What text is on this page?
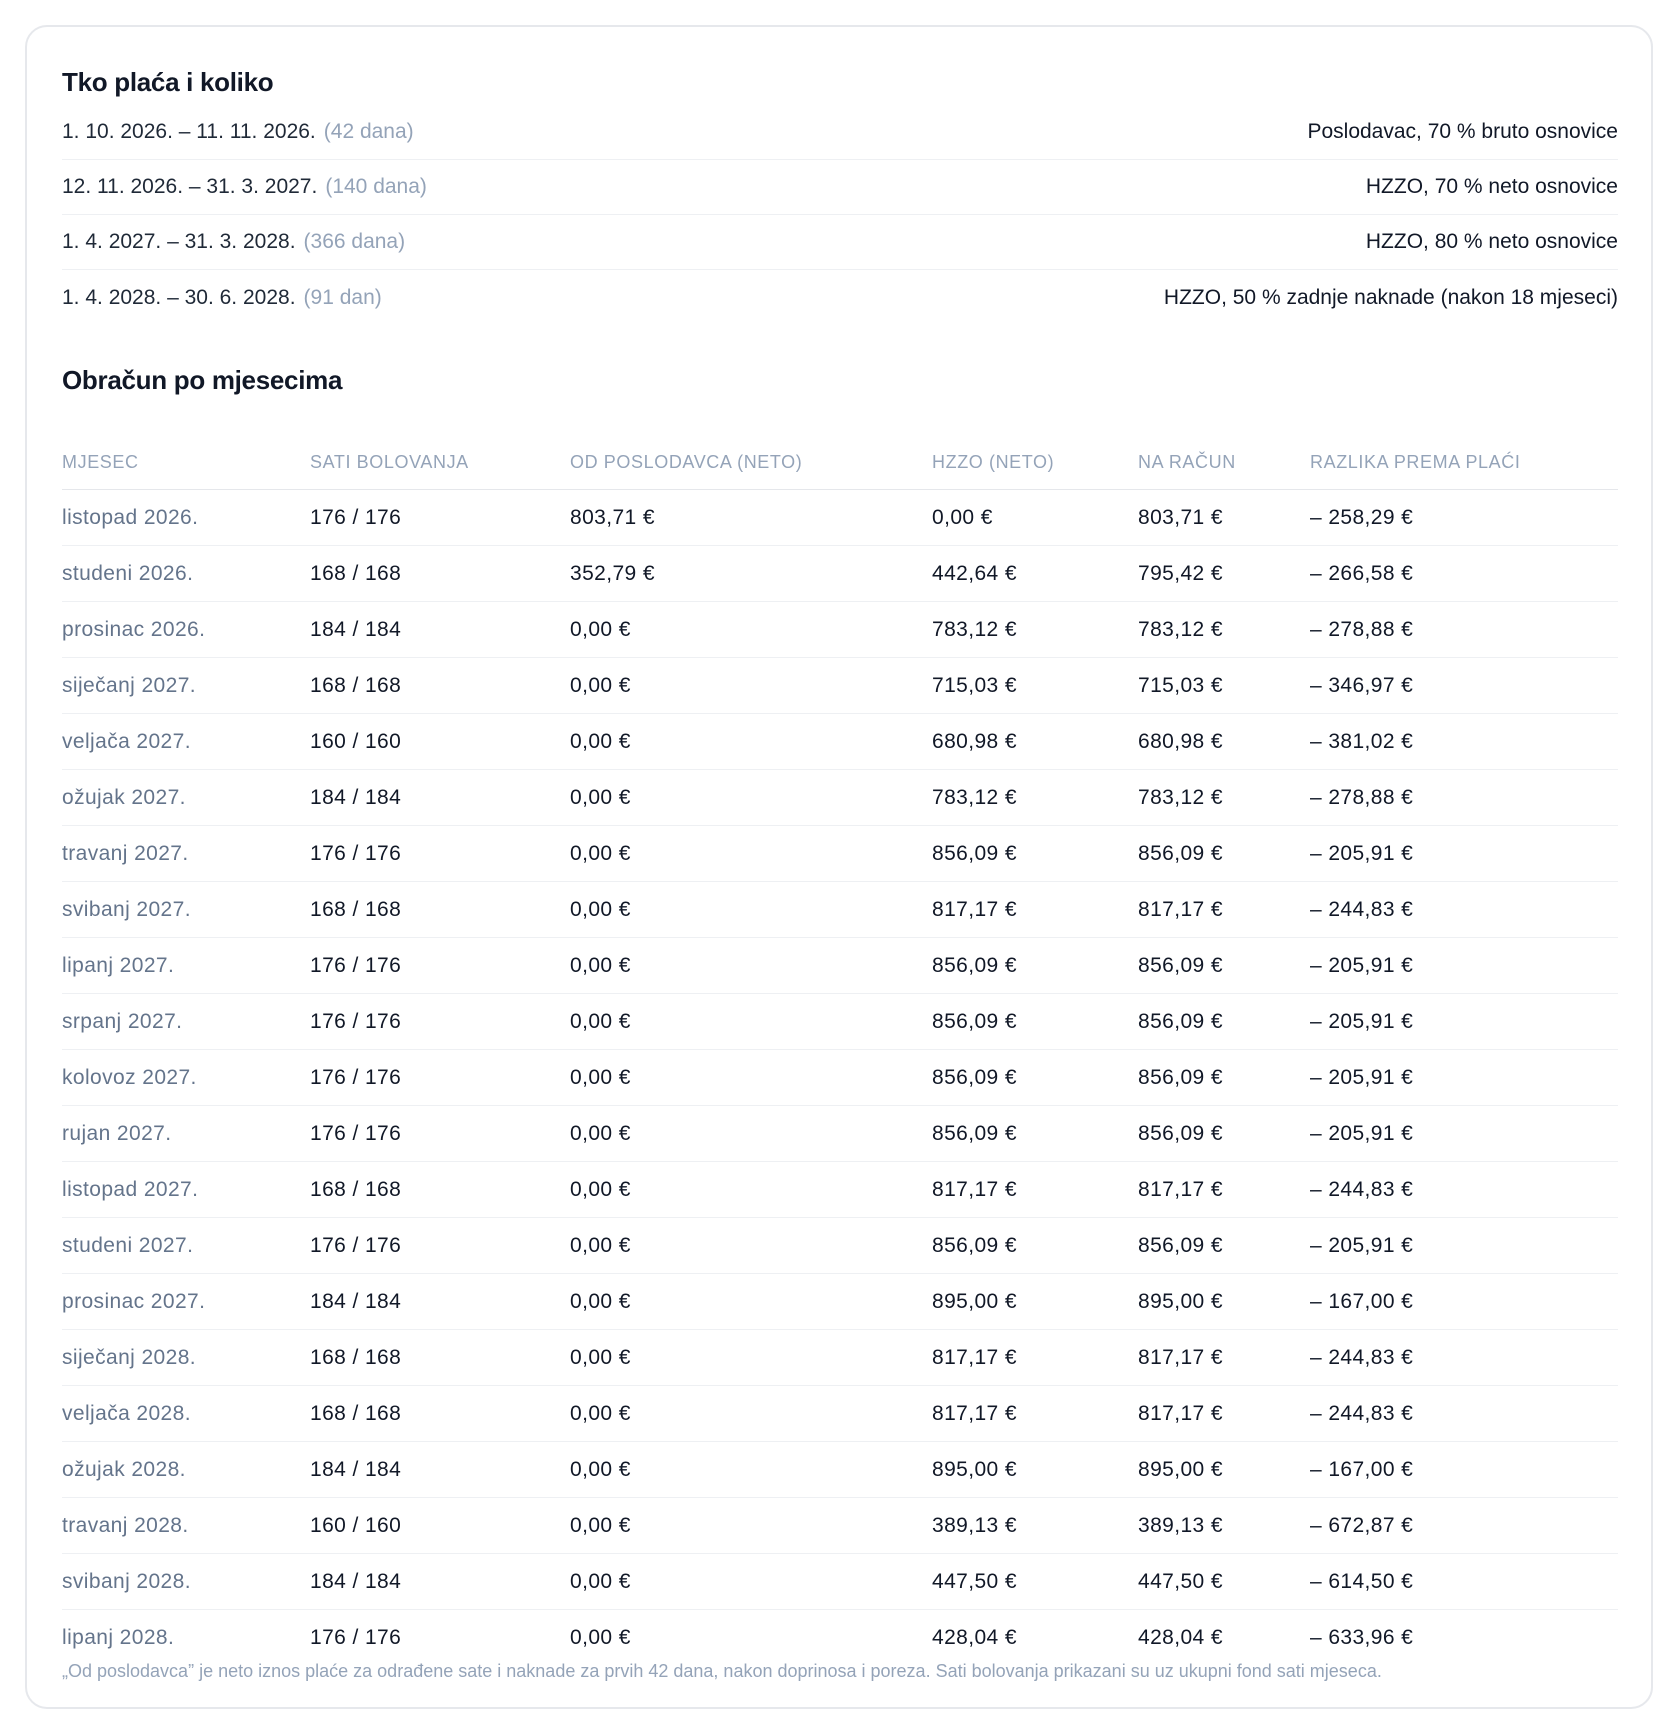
Tko plaća i koliko
1. 10. 2026. – 11. 11. 2026. (42 dana)	Poslodavac, 70 % bruto osnovice
12. 11. 2026. – 31. 3. 2027. (140 dana)	HZZO, 70 % neto osnovice
1. 4. 2027. – 31. 3. 2028. (366 dana)	HZZO, 80 % neto osnovice
1. 4. 2028. – 30. 6. 2028. (91 dan)	HZZO, 50 % zadnje naknade (nakon 18 mjeseci)
Obračun po mjesecima
MJESEC	SATI BOLOVANJA	OD POSLODAVCA (NETO)	HZZO (NETO)	NA RAČUN	RAZLIKA PREMA PLAĆI
listopad 2026.	176 / 176	803,71 €	0,00 €	803,71 €	– 258,29 €
studeni 2026.	168 / 168	352,79 €	442,64 €	795,42 €	– 266,58 €
prosinac 2026.	184 / 184	0,00 €	783,12 €	783,12 €	– 278,88 €
siječanj 2027.	168 / 168	0,00 €	715,03 €	715,03 €	– 346,97 €
veljača 2027.	160 / 160	0,00 €	680,98 €	680,98 €	– 381,02 €
ožujak 2027.	184 / 184	0,00 €	783,12 €	783,12 €	– 278,88 €
travanj 2027.	176 / 176	0,00 €	856,09 €	856,09 €	– 205,91 €
svibanj 2027.	168 / 168	0,00 €	817,17 €	817,17 €	– 244,83 €
lipanj 2027.	176 / 176	0,00 €	856,09 €	856,09 €	– 205,91 €
srpanj 2027.	176 / 176	0,00 €	856,09 €	856,09 €	– 205,91 €
kolovoz 2027.	176 / 176	0,00 €	856,09 €	856,09 €	– 205,91 €
rujan 2027.	176 / 176	0,00 €	856,09 €	856,09 €	– 205,91 €
listopad 2027.	168 / 168	0,00 €	817,17 €	817,17 €	– 244,83 €
studeni 2027.	176 / 176	0,00 €	856,09 €	856,09 €	– 205,91 €
prosinac 2027.	184 / 184	0,00 €	895,00 €	895,00 €	– 167,00 €
siječanj 2028.	168 / 168	0,00 €	817,17 €	817,17 €	– 244,83 €
veljača 2028.	168 / 168	0,00 €	817,17 €	817,17 €	– 244,83 €
ožujak 2028.	184 / 184	0,00 €	895,00 €	895,00 €	– 167,00 €
travanj 2028.	160 / 160	0,00 €	389,13 €	389,13 €	– 672,87 €
svibanj 2028.	184 / 184	0,00 €	447,50 €	447,50 €	– 614,50 €
lipanj 2028.	176 / 176	0,00 €	428,04 €	428,04 €	– 633,96 €
„Od poslodavca” je neto iznos plaće za odrađene sate i naknade za prvih 42 dana, nakon doprinosa i poreza. Sati bolovanja prikazani su uz ukupni fond sati mjeseca.
